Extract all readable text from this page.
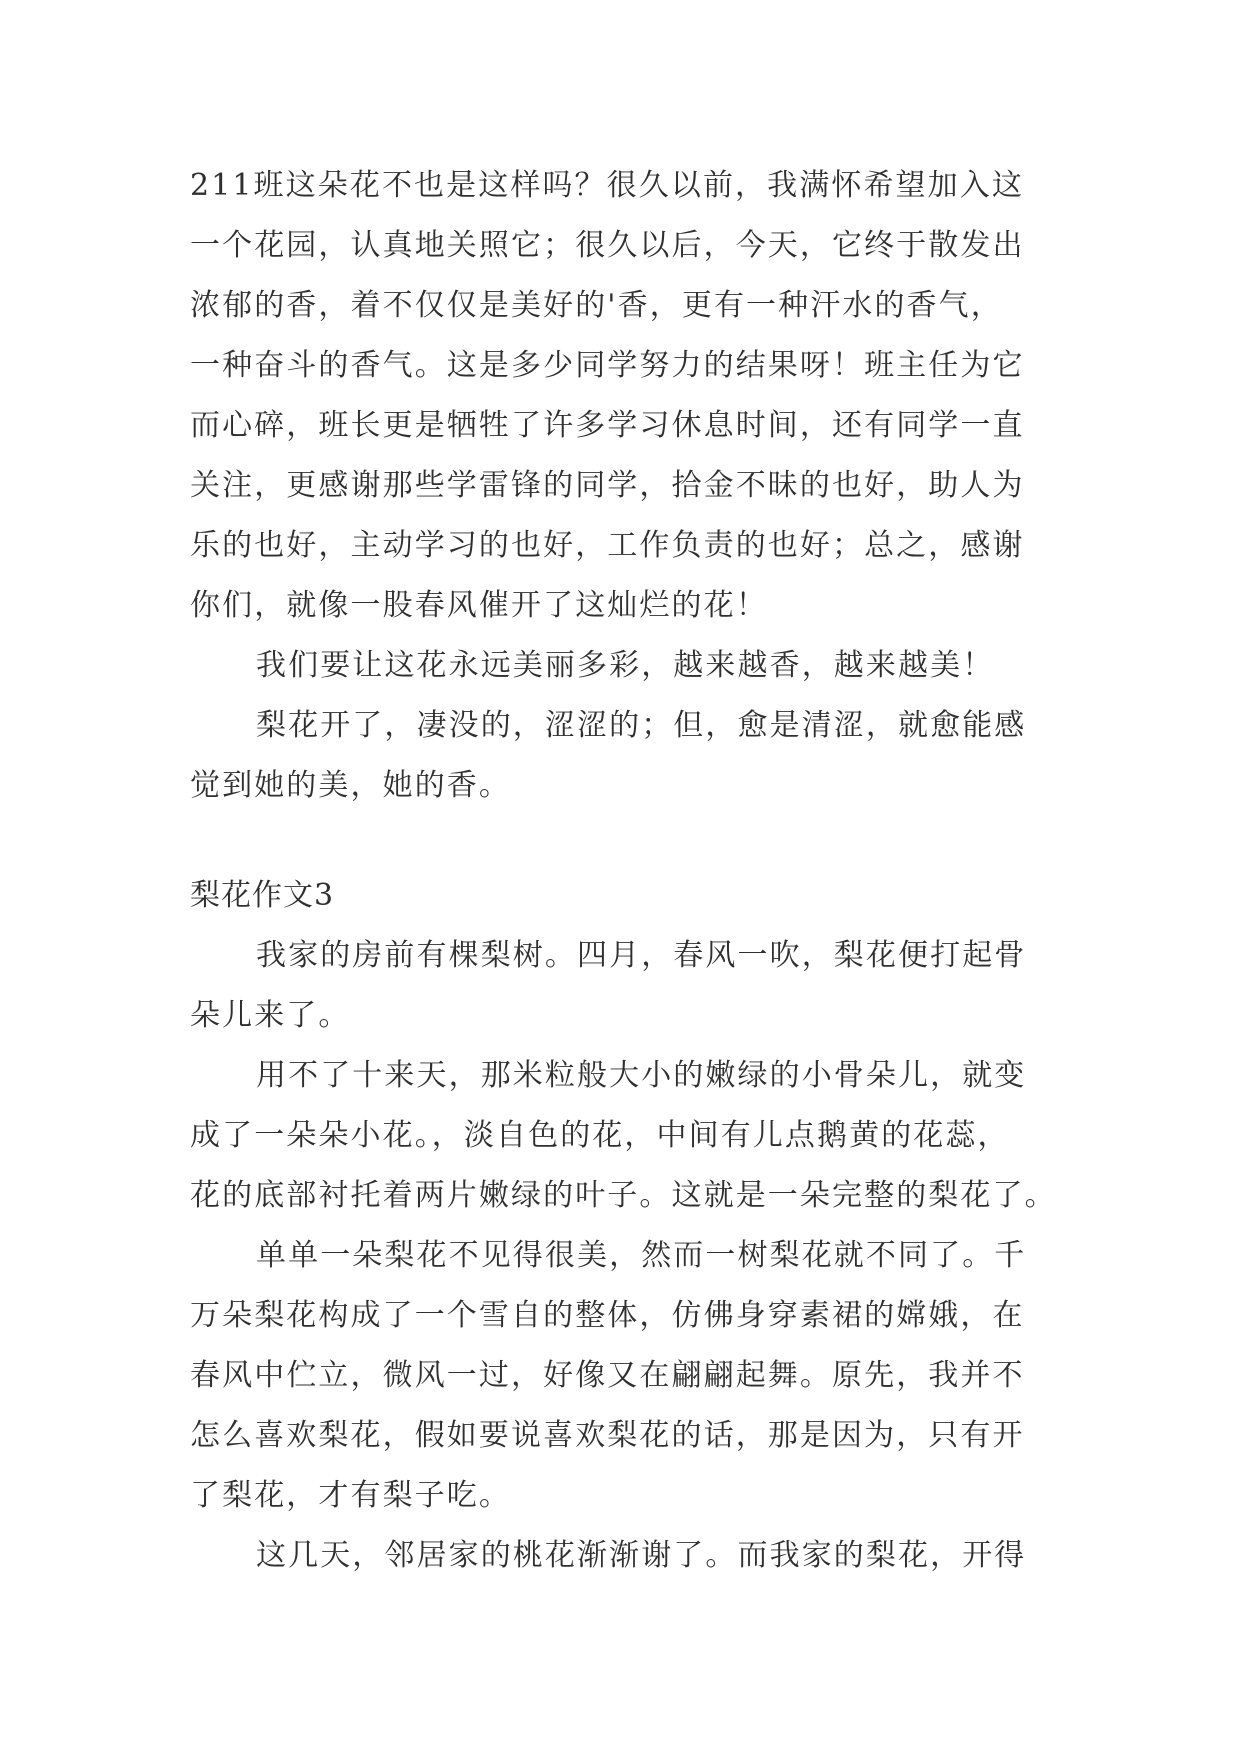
211班这朵花不也是这样吗？很久以前，我满怀希望加入这

一个花园，认真地关照它；很久以后，今天，它终于散发出

浓郁的香，着不仅仅是美好的'香，更有一种汗水的香气，

一种奋斗的香气。这是多少同学努力的结果呀！班主任为它

而心碎，班长更是牺牲了许多学习休息时间，还有同学一直

关注，更感谢那些学雷锋的同学，拾金不昧的也好，助人为

乐的也好，主动学习的也好，工作负责的也好；总之，感谢

你们，就像一股春风催开了这灿烂的花！

我们要让这花永远美丽多彩，越来越香，越来越美！

梨花开了，凄没的，涩涩的；但，愈是清涩，就愈能感

觉到她的美，她的香。

梨花作文3

我家的房前有棵梨树。四月，春风一吹，梨花便打起骨

朵儿来了。

用不了十来天，那米粒般大小的嫩绿的小骨朵儿，就变

成了一朵朵小花。，淡自色的花，中间有儿点鹅黄的花蕊，

花的底部衬托着两片嫩绿的叶子。这就是一朵完整的梨花了。

单单一朵梨花不见得很美，然而一树梨花就不同了。千

万朵梨花构成了一个雪自的整体，仿佛身穿素裙的嫦娥，在

春风中伫立，微风一过，好像又在翩翩起舞。原先，我并不

怎么喜欢梨花，假如要说喜欢梨花的话，那是因为，只有开

了梨花，才有梨子吃。

这几天，邻居家的桃花渐渐谢了。而我家的梨花，开得
